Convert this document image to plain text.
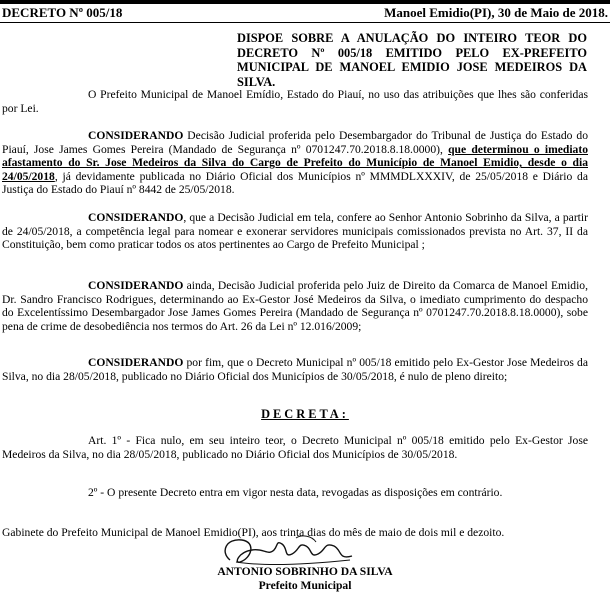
DECRETO Nº 005/18	Manoel Emidio(PI), 30 de Maio de 2018.
DISPOE SOBRE A ANULAÇÃO DO INTEIRO TEOR DO DECRETO Nº 005/18 EMITIDO PELO EX-PREFEITO MUNICIPAL DE MANOEL EMIDIO JOSE MEDEIROS DA SILVA.

O Prefeito Municipal de Manoel Emídio, Estado do Piauí, no uso das atribuições que lhes são conferidas por Lei.

CONSIDERANDO Decisão Judicial proferida pelo Desembargador do Tribunal de Justiça do Estado do Piauí, Jose James Gomes Pereira (Mandado de Segurança nº 0701247.70.2018.8.18.0000), que determinou o imediato afastamento do Sr. Jose Medeiros da Silva do Cargo de Prefeito do Município de Manoel Emidio, desde o dia 24/05/2018, já devidamente publicada no Diário Oficial dos Municípios nº MMMDLXXXIV, de 25/05/2018 e Diário da Justiça do Estado do Piauí nº 8442 de 25/05/2018.

CONSIDERANDO, que a Decisão Judicial em tela, confere ao Senhor Antonio Sobrinho da Silva, a partir de 24/05/2018, a competência legal para nomear e exonerar servidores municipais comissionados prevista no Art. 37, II da Constituição, bem como praticar todos os atos pertinentes ao Cargo de Prefeito Municipal ;

CONSIDERANDO ainda, Decisão Judicial proferida pelo Juiz de Direito da Comarca de Manoel Emidio, Dr. Sandro Francisco Rodrigues, determinando ao Ex-Gestor José Medeiros da Silva, o imediato cumprimento do despacho do Excelentíssimo Desembargador Jose James Gomes Pereira (Mandado de Segurança nº 0701247.70.2018.8.18.0000), sobe pena de crime de desobediência nos termos do Art. 26 da Lei nº 12.016/2009;

CONSIDERANDO por fim, que o Decreto Municipal nº 005/18 emitido pelo Ex-Gestor Jose Medeiros da Silva, no dia 28/05/2018, publicado no Diário Oficial dos Municípios de 30/05/2018, é nulo de pleno direito;

DECRETA:

Art. 1º - Fica nulo, em seu inteiro teor, o Decreto Municipal nº 005/18 emitido pelo Ex-Gestor Jose Medeiros da Silva, no dia 28/05/2018, publicado no Diário Oficial dos Municípios de 30/05/2018.

2º - O presente Decreto entra em vigor nesta data, revogadas as disposições em contrário.

Gabinete do Prefeito Municipal de Manoel Emidio(PI), aos trinta dias do mês de maio de dois mil e dezoito.
ANTONIO SOBRINHO DA SILVA
Prefeito Municipal
